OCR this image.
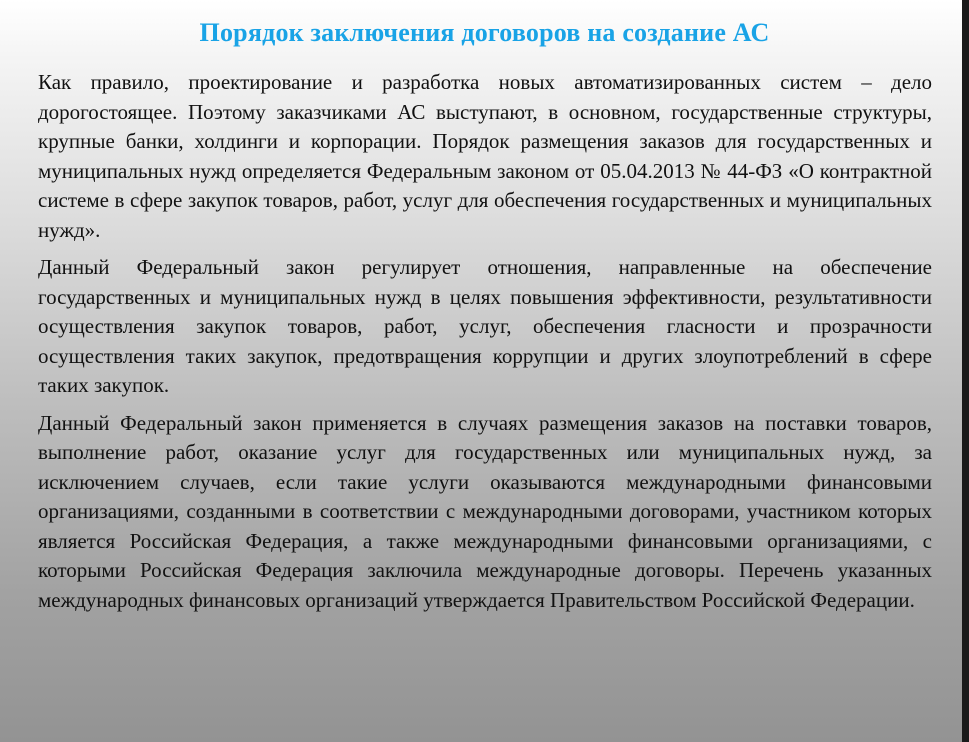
Порядок заключения договоров на создание АС

Как правило, проектирование и разработка новых автоматизированных систем – дело дорогостоящее. Поэтому заказчиками АС выступают, в основном, государственные структуры, крупные банки, холдинги и корпорации. Порядок размещения заказов для государственных и муниципальных нужд определяется Федеральным законом от 05.04.2013 № 44-ФЗ «О контрактной системе в сфере закупок товаров, работ, услуг для обеспечения государственных и муниципальных нужд».

Данный Федеральный закон регулирует отношения, направленные на обеспечение государственных и муниципальных нужд в целях повышения эффективности, результативности осуществления закупок товаров, работ, услуг, обеспечения гласности и прозрачности осуществления таких закупок, предотвращения коррупции и других злоупотреблений в сфере таких закупок.

Данный Федеральный закон применяется в случаях размещения заказов на поставки товаров, выполнение работ, оказание услуг для государственных или муниципальных нужд, за исключением случаев, если такие услуги оказываются международными финансовыми организациями, созданными в соответствии с международными договорами, участником которых является Российская Федерация, а также международными финансовыми организациями, с которыми Российская Федерация заключила международные договоры. Перечень указанных международных финансовых организаций утверждается Правительством Российской Федерации.
